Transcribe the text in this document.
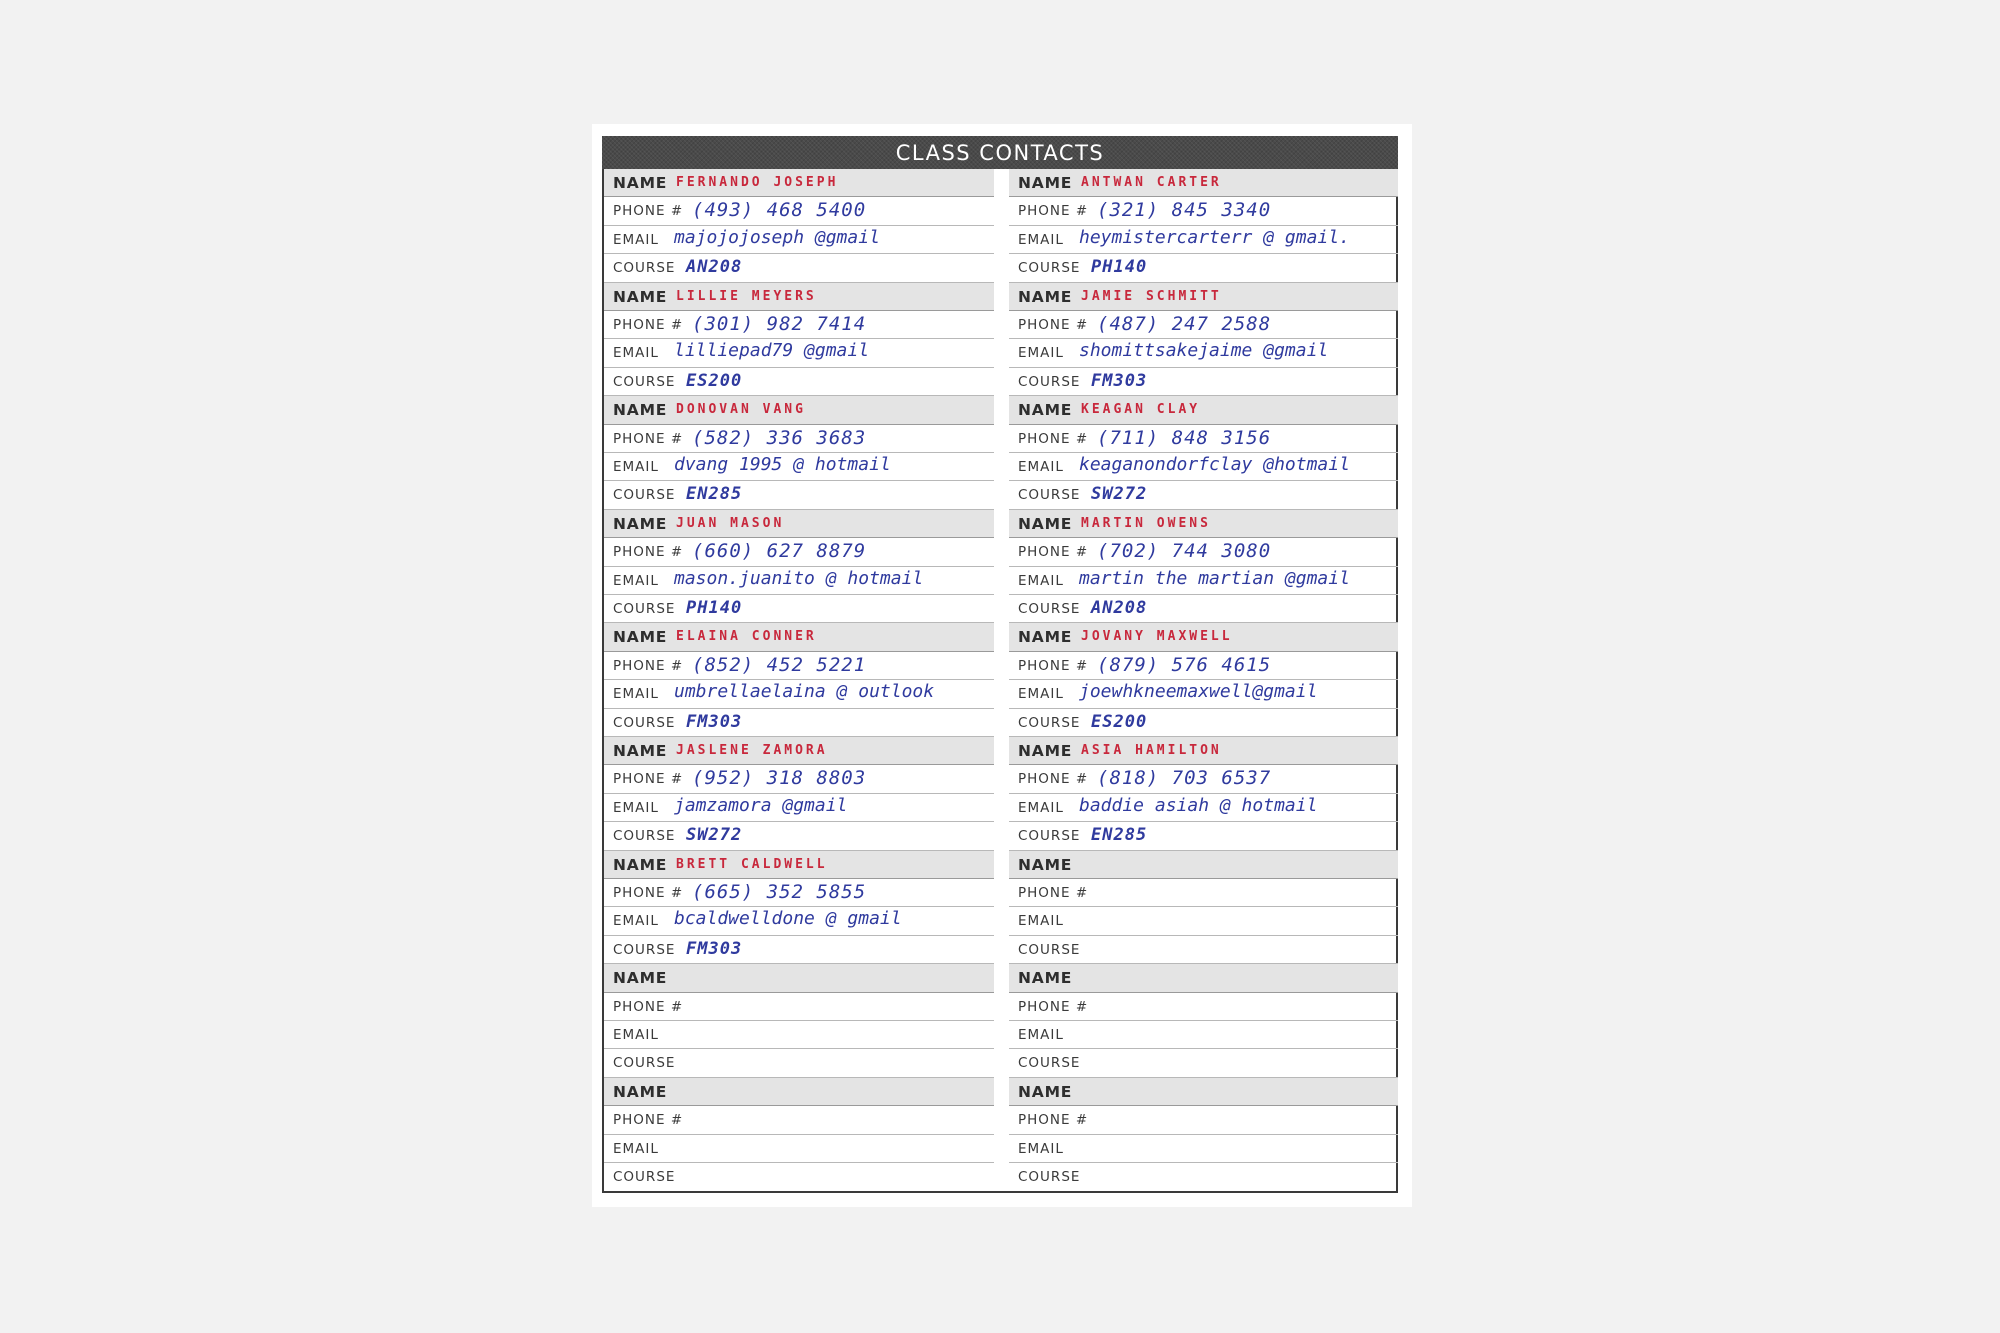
CLASS CONTACTS
NAME FERNANDO JOSEPH
PHONE # (493) 468 5400
EMAIL majojojoseph @gmail
COURSE AN208
NAME LILLIE MEYERS
PHONE # (301) 982 7414
EMAIL lilliepad79 @gmail
COURSE ES200
NAME DONOVAN VANG
PHONE # (582) 336 3683
EMAIL dvang 1995 @ hotmail
COURSE EN285
NAME JUAN MASON
PHONE # (660) 627 8879
EMAIL mason.juanito @ hotmail
COURSE PH140
NAME ELAINA CONNER
PHONE # (852) 452 5221
EMAIL umbrellaelaina @ outlook
COURSE FM303
NAME JASLENE ZAMORA
PHONE # (952) 318 8803
EMAIL jamzamora @gmail
COURSE SW272
NAME BRETT CALDWELL
PHONE # (665) 352 5855
EMAIL bcaldwelldone @ gmail
COURSE FM303
NAME
PHONE #
EMAIL
COURSE
NAME
PHONE #
EMAIL
COURSE
NAME ANTWAN CARTER
PHONE # (321) 845 3340
EMAIL heymistercarterr @ gmail.
COURSE PH140
NAME JAMIE SCHMITT
PHONE # (487) 247 2588
EMAIL shomittsakejaime @gmail
COURSE FM303
NAME KEAGAN CLAY
PHONE # (711) 848 3156
EMAIL keaganondorfclay @hotmail
COURSE SW272
NAME MARTIN OWENS
PHONE # (702) 744 3080
EMAIL martin the martian @gmail
COURSE AN208
NAME JOVANY MAXWELL
PHONE # (879) 576 4615
EMAIL joewhkneemaxwell@gmail
COURSE ES200
NAME ASIA HAMILTON
PHONE # (818) 703 6537
EMAIL baddie asiah @ hotmail
COURSE EN285
NAME
PHONE #
EMAIL
COURSE
NAME
PHONE #
EMAIL
COURSE
NAME
PHONE #
EMAIL
COURSE
